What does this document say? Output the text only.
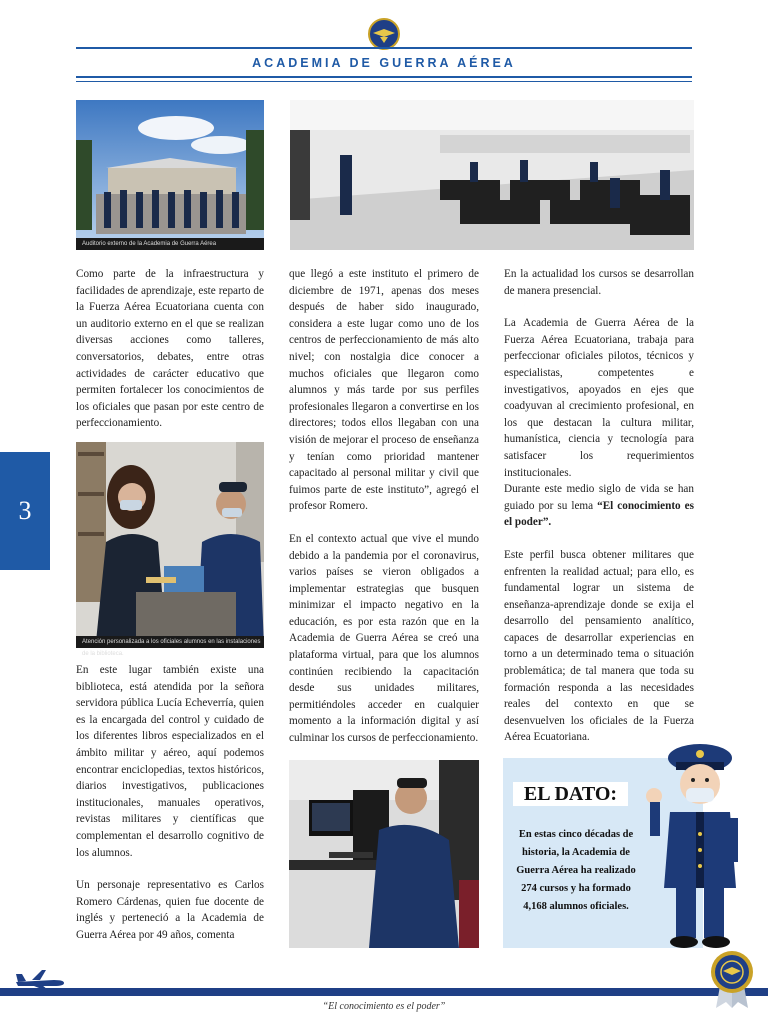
ACADEMIA DE GUERRA AÉREA
Auditorio externo de la Academia de Guerra Aérea

Como parte de la infraestructura y facilidades de aprendizaje, este reparto de la Fuerza Aérea Ecuatoriana cuenta con un auditorio externo en el que se realizan diversas acciones como talleres, conversatorios, debates, entre otras actividades de carácter educativo que permiten fortalecer los conocimientos de los oficiales que pasan por este centro de perfeccionamiento.

Atención personalizada a los oficiales alumnos en las instalaciones de la biblioteca.

En este lugar también existe una biblioteca, está atendida por la señora servidora pública Lucía Echeverría, quien es la encargada del control y cuidado de los diferentes libros especializados en el ámbito militar y aéreo, aquí podemos encontrar enciclopedias, textos históricos, diarios investigativos, publicaciones institucionales, manuales operativos, revistas militares y científicas que complementan el desarrollo cognitivo de los alumnos.

Un personaje representativo es Carlos Romero Cárdenas, quien fue docente de inglés y perteneció a la Academia de Guerra Aérea por 49 años, comenta

3

que llegó a este instituto el primero de diciembre de 1971, apenas dos meses después de haber sido inaugurado, considera a este lugar como uno de los centros de perfeccionamiento de más alto nivel; con nostalgia dice conocer a muchos oficiales que llegaron como alumnos y más tarde por sus perfiles profesionales llegaron a convertirse en los directores; todos ellos llegaban con una visión de mejorar el proceso de enseñanza y tenían como prioridad mantener capacitado al personal militar y civil que fuimos parte de este instituto”, agregó el profesor Romero.

En el contexto actual que vive el mundo debido a la pandemia por el coronavirus, varios países se vieron obligados a implementar estrategias que busquen minimizar el impacto negativo en la educación, es por esta razón que en la Academia de Guerra Aérea se creó una plataforma virtual, para que los alumnos continúen recibiendo la capacitación desde sus unidades militares, permitiéndoles acceder en cualquier momento a la información digital y así culminar los cursos de perfeccionamiento.

En la actualidad los cursos se desarrollan de manera presencial.

La Academia de Guerra Aérea de la Fuerza Aérea Ecuatoriana, trabaja para perfeccionar oficiales pilotos, técnicos y especialistas, competentes e investigativos, apoyados en ejes que coadyuvan al crecimiento profesional, en los que destacan la cultura militar, humanística, ciencia y tecnología para satisfacer los requerimientos institucionales.

Durante este medio siglo de vida se han guiado por su lema “El conocimiento es el poder”.

Este perfil busca obtener militares que enfrenten la realidad actual; para ello, es fundamental lograr un sistema de enseñanza-aprendizaje donde se exija el desarrollo del pensamiento analítico, capaces de desarrollar experiencias en torno a un determinado tema o situación problemática; de tal manera que toda su formación responda a las necesidades reales del contexto en que se desenvuelven los oficiales de la Fuerza Aérea Ecuatoriana.

EL DATO:
En estas cinco décadas de historia, la Academia de Guerra Aérea ha realizado 274 cursos y ha formado 4,168 alumnos oficiales.
“El conocimiento es el poder”
